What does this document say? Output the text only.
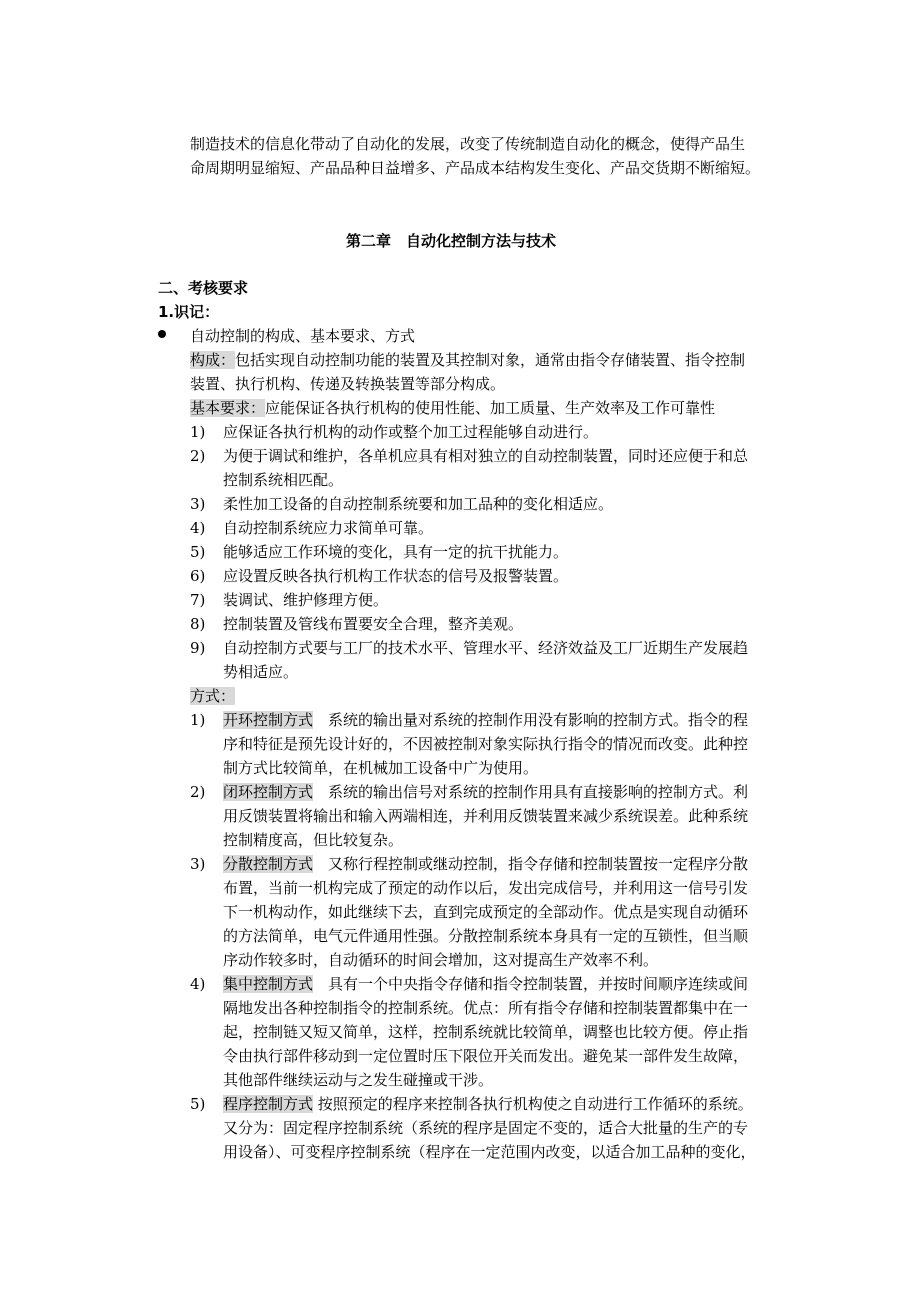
制造技术的信息化带动了自动化的发展，改变了传统制造自动化的概念，使得产品生
命周期明显缩短、产品品种日益增多、产品成本结构发生变化、产品交货期不断缩短。
第二章　自动化控制方法与技术
二、考核要求
1.识记：
自动控制的构成、基本要求、方式
构成：包括实现自动控制功能的装置及其控制对象，通常由指令存储装置、指令控制
装置、执行机构、传递及转换装置等部分构成。
基本要求：应能保证各执行机构的使用性能、加工质量、生产效率及工作可靠性
1) 应保证各执行机构的动作或整个加工过程能够自动进行。
2) 为便于调试和维护，各单机应具有相对独立的自动控制装置，同时还应便于和总
控制系统相匹配。
3) 柔性加工设备的自动控制系统要和加工品种的变化相适应。
4) 自动控制系统应力求简单可靠。
5) 能够适应工作环境的变化，具有一定的抗干扰能力。
6) 应设置反映各执行机构工作状态的信号及报警装置。
7) 装调试、维护修理方便。
8) 控制装置及管线布置要安全合理，整齐美观。
9) 自动控制方式要与工厂的技术水平、管理水平、经济效益及工厂近期生产发展趋
势相适应。
方式：
1) 开环控制方式　系统的输出量对系统的控制作用没有影响的控制方式。指令的程
序和特征是预先设计好的，不因被控制对象实际执行指令的情况而改变。此种控
制方式比较简单，在机械加工设备中广为使用。
2) 闭环控制方式　系统的输出信号对系统的控制作用具有直接影响的控制方式。利
用反馈装置将输出和输入两端相连，并利用反馈装置来减少系统误差。此种系统
控制精度高，但比较复杂。
3) 分散控制方式　又称行程控制或继动控制，指令存储和控制装置按一定程序分散
布置，当前一机构完成了预定的动作以后，发出完成信号，并利用这一信号引发
下一机构动作，如此继续下去，直到完成预定的全部动作。优点是实现自动循环
的方法简单，电气元件通用性强。分散控制系统本身具有一定的互锁性，但当顺
序动作较多时，自动循环的时间会增加，这对提高生产效率不利。
4) 集中控制方式　具有一个中央指令存储和指令控制装置，并按时间顺序连续或间
隔地发出各种控制指令的控制系统。优点：所有指令存储和控制装置都集中在一
起，控制链又短又简单，这样，控制系统就比较简单，调整也比较方便。停止指
令由执行部件移动到一定位置时压下限位开关而发出。避免某一部件发生故障，
其他部件继续运动与之发生碰撞或干涉。
5) 程序控制方式 按照预定的程序来控制各执行机构使之自动进行工作循环的系统。
又分为：固定程序控制系统（系统的程序是固定不变的，适合大批量的生产的专
用设备）、可变程序控制系统（程序在一定范围内改变，以适合加工品种的变化，
